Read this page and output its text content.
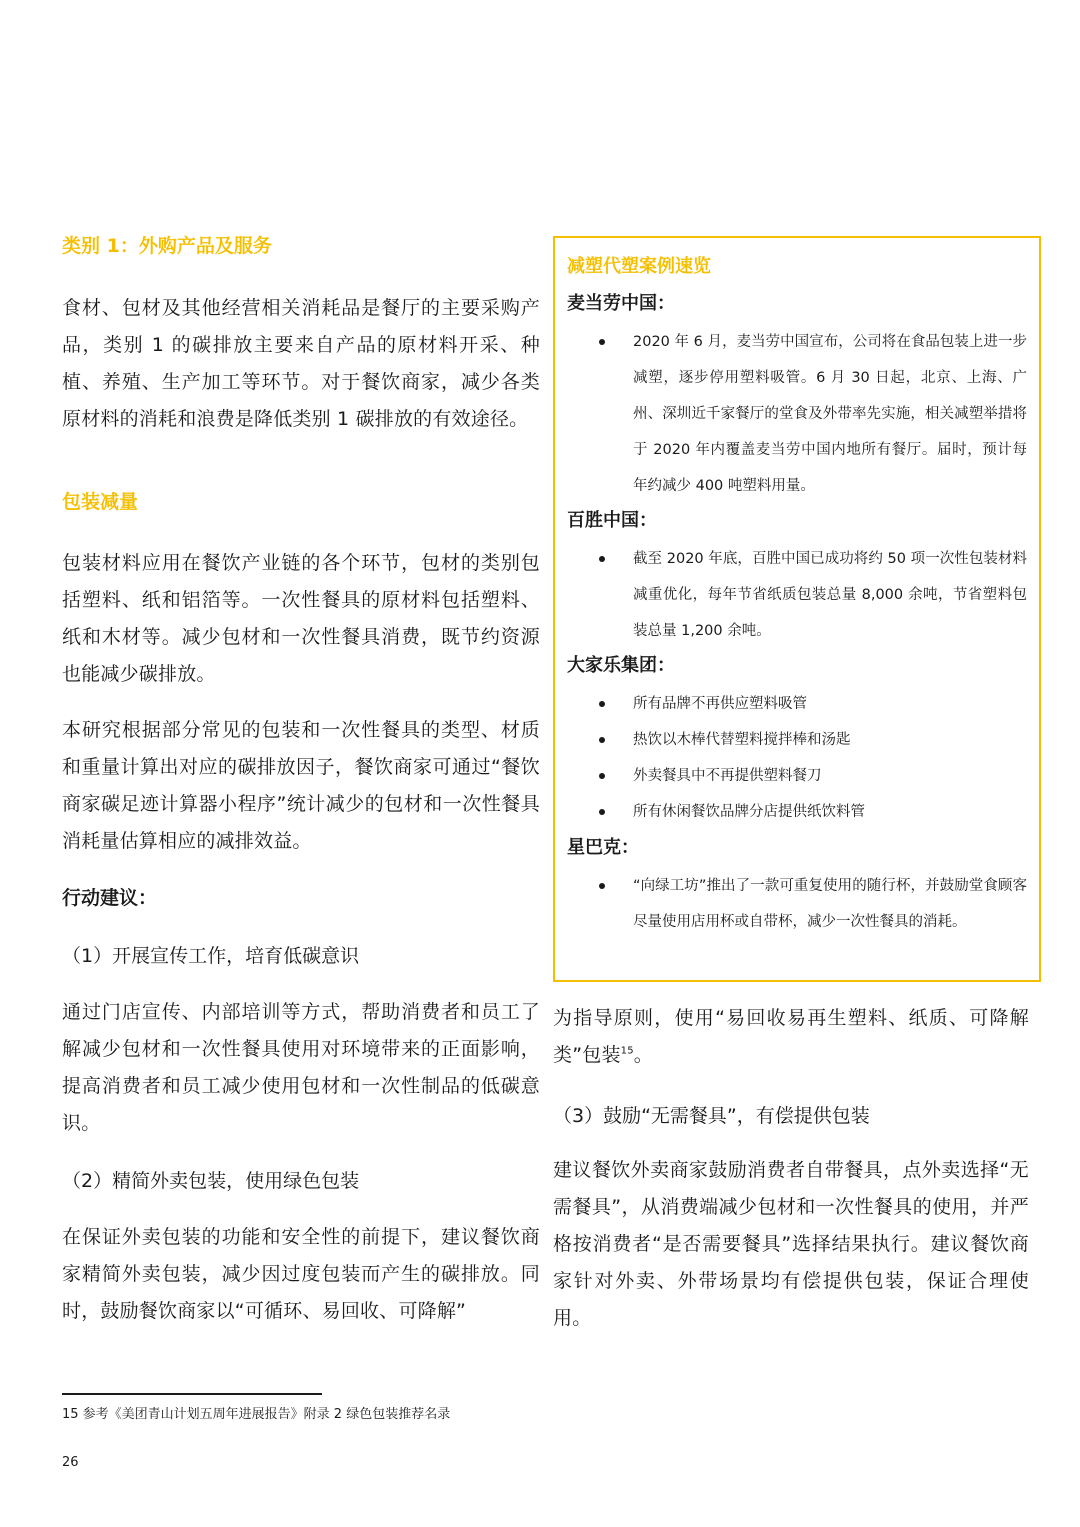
类别 1：外购产品及服务

食材、包材及其他经营相关消耗品是餐厅的主要采购产品，类别 1 的碳排放主要来自产品的原材料开采、种植、养殖、生产加工等环节。对于餐饮商家，减少各类原材料的消耗和浪费是降低类别 1 碳排放的有效途径。

包装减量

包装材料应用在餐饮产业链的各个环节，包材的类别包括塑料、纸和铝箔等。一次性餐具的原材料包括塑料、纸和木材等。减少包材和一次性餐具消费，既节约资源也能减少碳排放。

本研究根据部分常见的包装和一次性餐具的类型、材质和重量计算出对应的碳排放因子，餐饮商家可通过“餐饮商家碳足迹计算器小程序”统计减少的包材和一次性餐具消耗量估算相应的减排效益。

行动建议：

（1）开展宣传工作，培育低碳意识

通过门店宣传、内部培训等方式，帮助消费者和员工了解减少包材和一次性餐具使用对环境带来的正面影响，提高消费者和员工减少使用包材和一次性制品的低碳意识。

（2）精简外卖包装，使用绿色包装

在保证外卖包装的功能和安全性的前提下，建议餐饮商家精简外卖包装，减少因过度包装而产生的碳排放。同时，鼓励餐饮商家以“可循环、易回收、可降解”

减塑代塑案例速览
麦当劳中国：
2020 年 6 月，麦当劳中国宣布，公司将在食品包装上进一步减塑，逐步停用塑料吸管。6 月 30 日起，北京、上海、广州、深圳近千家餐厅的堂食及外带率先实施，相关减塑举措将于 2020 年内覆盖麦当劳中国内地所有餐厅。届时，预计每年约减少 400 吨塑料用量。
百胜中国：
截至 2020 年底，百胜中国已成功将约 50 项一次性包装材料减重优化，每年节省纸质包装总量 8,000 余吨，节省塑料包装总量 1,200 余吨。
大家乐集团：
所有品牌不再供应塑料吸管
热饮以木棒代替塑料搅拌棒和汤匙
外卖餐具中不再提供塑料餐刀
所有休闲餐饮品牌分店提供纸饮料管
星巴克：
“向绿工坊”推出了一款可重复使用的随行杯，并鼓励堂食顾客尽量使用店用杯或自带杯，减少一次性餐具的消耗。

为指导原则，使用“易回收易再生塑料、纸质、可降解类”包装$^{15}$。

（3）鼓励“无需餐具”，有偿提供包装

建议餐饮外卖商家鼓励消费者自带餐具，点外卖选择“无需餐具”，从消费端减少包材和一次性餐具的使用，并严格按消费者“是否需要餐具”选择结果执行。建议餐饮商家针对外卖、外带场景均有偿提供包装，保证合理使用。

15 参考《美团青山计划五周年进展报告》附录 2 绿色包装推荐名录
26
